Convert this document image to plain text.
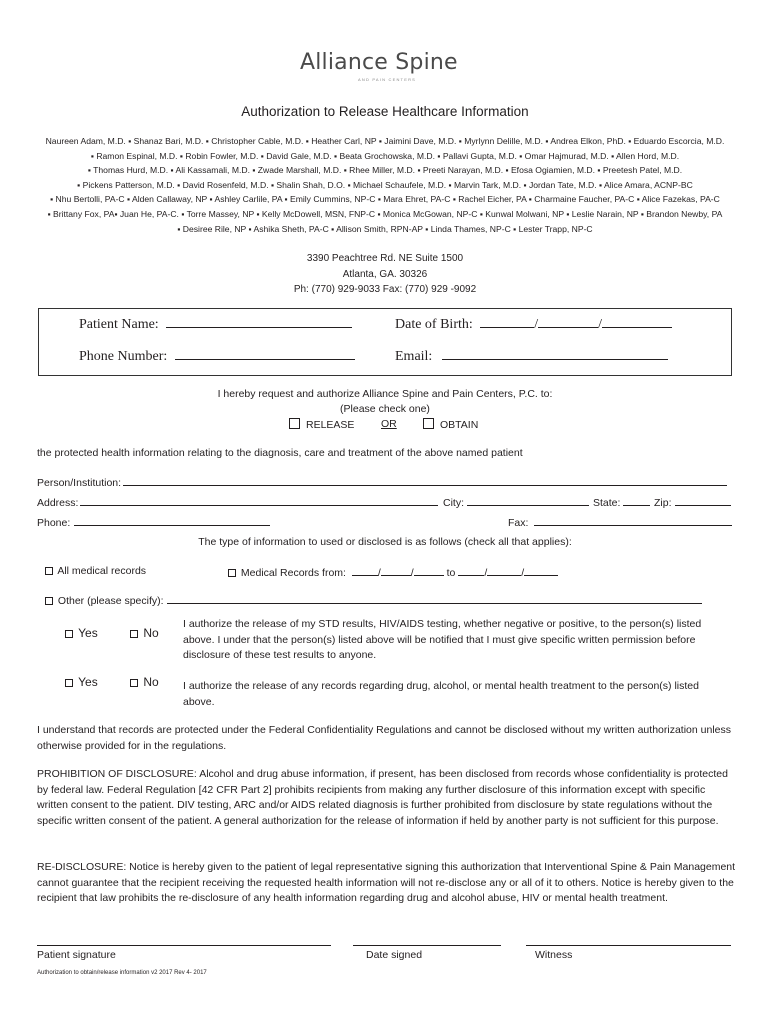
Alliance Spine
AND PAIN CENTERS
Authorization to Release Healthcare Information
Naureen Adam, M.D. ▪ Shanaz Bari, M.D. ▪ Christopher Cable, M.D. ▪ Heather Carl, NP ▪ Jaimini Dave, M.D. ▪ Myrlynn Delille, M.D. ▪ Andrea Elkon, PhD. ▪ Eduardo Escorcia, M.D.
▪ Ramon Espinal, M.D. ▪ Robin Fowler, M.D. ▪ David Gale, M.D. ▪ Beata Grochowska, M.D. ▪ Pallavi Gupta, M.D. ▪ Omar Hajmurad, M.D. ▪ Allen Hord, M.D.
▪ Thomas Hurd, M.D. ▪ Ali Kassamali, M.D. ▪ Zwade Marshall, M.D. ▪ Rhee Miller, M.D. ▪ Preeti Narayan, M.D. ▪ Efosa Ogiamien, M.D. ▪ Preetesh Patel, M.D.
▪ Pickens Patterson, M.D. ▪ David Rosenfeld, M.D. ▪ Shalin Shah, D.O. ▪ Michael Schaufele, M.D. ▪ Marvin Tark, M.D. ▪ Jordan Tate, M.D. ▪ Alice Amara, ACNP-BC
▪ Nhu Bertolli, PA-C ▪ Alden Callaway, NP ▪ Ashley Carlile, PA ▪ Emily Cummins, NP-C ▪ Mara Ehret, PA-C ▪ Rachel Eicher, PA ▪ Charmaine Faucher, PA-C ▪ Alice Fazekas, PA-C
▪ Brittany Fox, PA▪ Juan He, PA-C. ▪ Torre Massey, NP ▪ Kelly McDowell, MSN, FNP-C ▪ Monica McGowan, NP-C ▪ Kunwal Molwani, NP ▪ Leslie Narain, NP ▪ Brandon Newby, PA
▪ Desiree Rile, NP ▪ Ashika Sheth, PA-C ▪ Allison Smith, RPN-AP ▪ Linda Thames, NP-C ▪ Lester Trapp, NP-C
3390 Peachtree Rd. NE Suite 1500
Atlanta, GA. 30326
Ph: (770) 929-9033 Fax: (770) 929 -9092
Patient Name:	Date of Birth:	/	/
Phone Number:	Email:
I hereby request and authorize Alliance Spine and Pain Centers, P.C. to:
(Please check one)
RELEASE	OR	OBTAIN
the protected health information relating to the diagnosis, care and treatment of the above named patient
Person/Institution:
Address:	City:	State:	Zip:
Phone:	Fax:
The type of information to used or disclosed is as follows (check all that applies):
All medical records	Medical Records from:	/	/	to	/	/
Other (please specify):
Yes	No
I authorize the release of my STD results, HIV/AIDS testing, whether negative or positive, to the person(s) listed above. I under that the person(s) listed above will be notified that I must give specific written permission before disclosure of these test results to anyone.
Yes	No I authorize the release of any records regarding drug, alcohol, or mental health treatment to the person(s) listed above.
I understand that records are protected under the Federal Confidentiality Regulations and cannot be disclosed without my written authorization unless otherwise provided for in the regulations.
PROHIBITION OF DISCLOSURE: Alcohol and drug abuse information, if present, has been disclosed from records whose confidentiality is protected by federal law. Federal Regulation [42 CFR Part 2] prohibits recipients from making any further disclosure of this information except with specific written consent to the patient. DIV testing, ARC and/or AIDS related diagnosis is further prohibited from disclosure by state regulations without the specific written consent of the patient. A general authorization for the release of information if held by another party is not sufficient for this purpose.
RE-DISCLOSURE: Notice is hereby given to the patient of legal representative signing this authorization that Interventional Spine & Pain Management cannot guarantee that the recipient receiving the requested health information will not re-disclose any or all of it to others. Notice is hereby given to the recipient that law prohibits the re-disclosure of any health information regarding drug and alcohol abuse, HIV or mental health treatment.
Patient signature	Date signed	Witness
Authorization to obtain/release information v2 2017 Rev 4- 2017
